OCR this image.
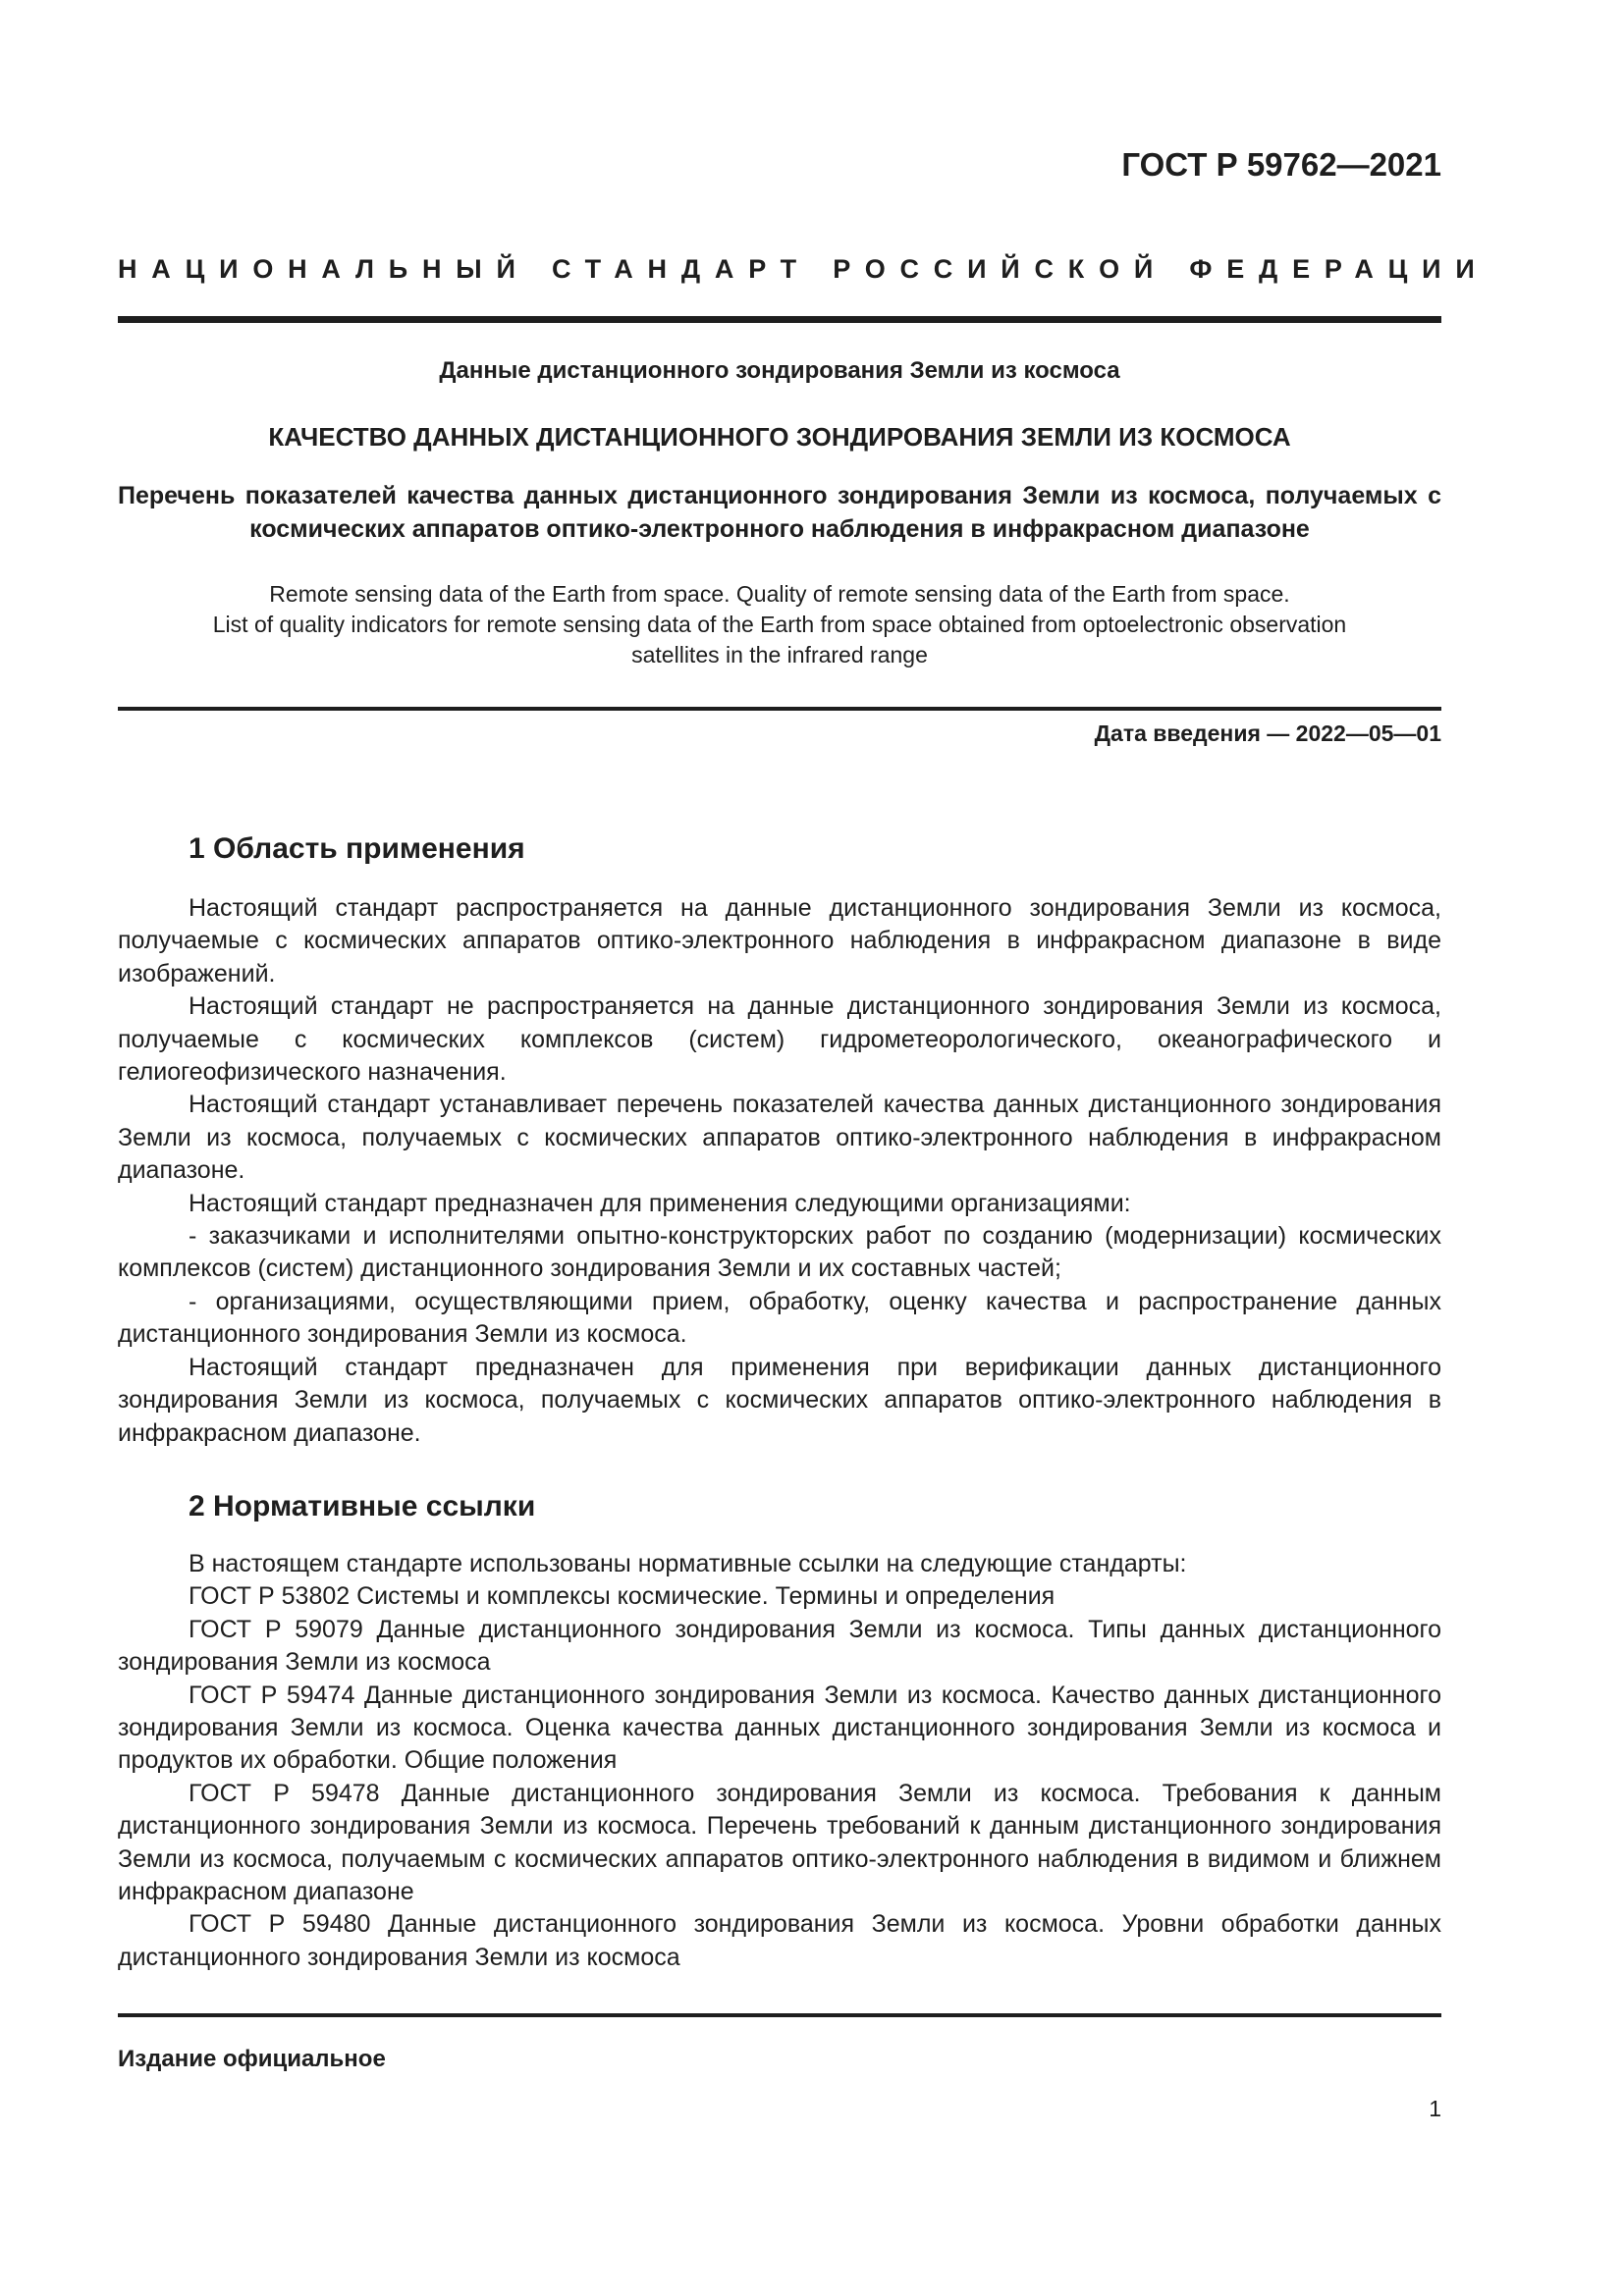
ГОСТ Р 59762—2021
НАЦИОНАЛЬНЫЙ СТАНДАРТ РОССИЙСКОЙ ФЕДЕРАЦИИ
Данные дистанционного зондирования Земли из космоса
КАЧЕСТВО ДАННЫХ ДИСТАНЦИОННОГО ЗОНДИРОВАНИЯ ЗЕМЛИ ИЗ КОСМОСА
Перечень показателей качества данных дистанционного зондирования Земли из космоса, получаемых с космических аппаратов оптико-электронного наблюдения в инфракрасном диапазоне
Remote sensing data of the Earth from space. Quality of remote sensing data of the Earth from space.
List of quality indicators for remote sensing data of the Earth from space obtained from optoelectronic observation
satellites in the infrared range
Дата введения — 2022—05—01
1 Область применения

Настоящий стандарт распространяется на данные дистанционного зондирования Земли из космоса, получаемые с космических аппаратов оптико-электронного наблюдения в инфракрасном диапазоне в виде изображений.

Настоящий стандарт не распространяется на данные дистанционного зондирования Земли из космоса, получаемые с космических комплексов (систем) гидрометеорологического, океанографического и гелиогеофизического назначения.

Настоящий стандарт устанавливает перечень показателей качества данных дистанционного зондирования Земли из космоса, получаемых с космических аппаратов оптико-электронного наблюдения в инфракрасном диапазоне.

Настоящий стандарт предназначен для применения следующими организациями:

- заказчиками и исполнителями опытно-конструкторских работ по созданию (модернизации) космических комплексов (систем) дистанционного зондирования Земли и их составных частей;

- организациями, осуществляющими прием, обработку, оценку качества и распространение данных дистанционного зондирования Земли из космоса.

Настоящий стандарт предназначен для применения при верификации данных дистанционного зондирования Земли из космоса, получаемых с космических аппаратов оптико-электронного наблюдения в инфракрасном диапазоне.

2 Нормативные ссылки

В настоящем стандарте использованы нормативные ссылки на следующие стандарты:

ГОСТ Р 53802 Системы и комплексы космические. Термины и определения

ГОСТ Р 59079 Данные дистанционного зондирования Земли из космоса. Типы данных дистанционного зондирования Земли из космоса

ГОСТ Р 59474 Данные дистанционного зондирования Земли из космоса. Качество данных дистанционного зондирования Земли из космоса. Оценка качества данных дистанционного зондирования Земли из космоса и продуктов их обработки. Общие положения

ГОСТ Р 59478 Данные дистанционного зондирования Земли из космоса. Требования к данным дистанционного зондирования Земли из космоса. Перечень требований к данным дистанционного зондирования Земли из космоса, получаемым с космических аппаратов оптико-электронного наблюдения в видимом и ближнем инфракрасном диапазоне

ГОСТ Р 59480 Данные дистанционного зондирования Земли из космоса. Уровни обработки данных дистанционного зондирования Земли из космоса

Издание официальное
1
